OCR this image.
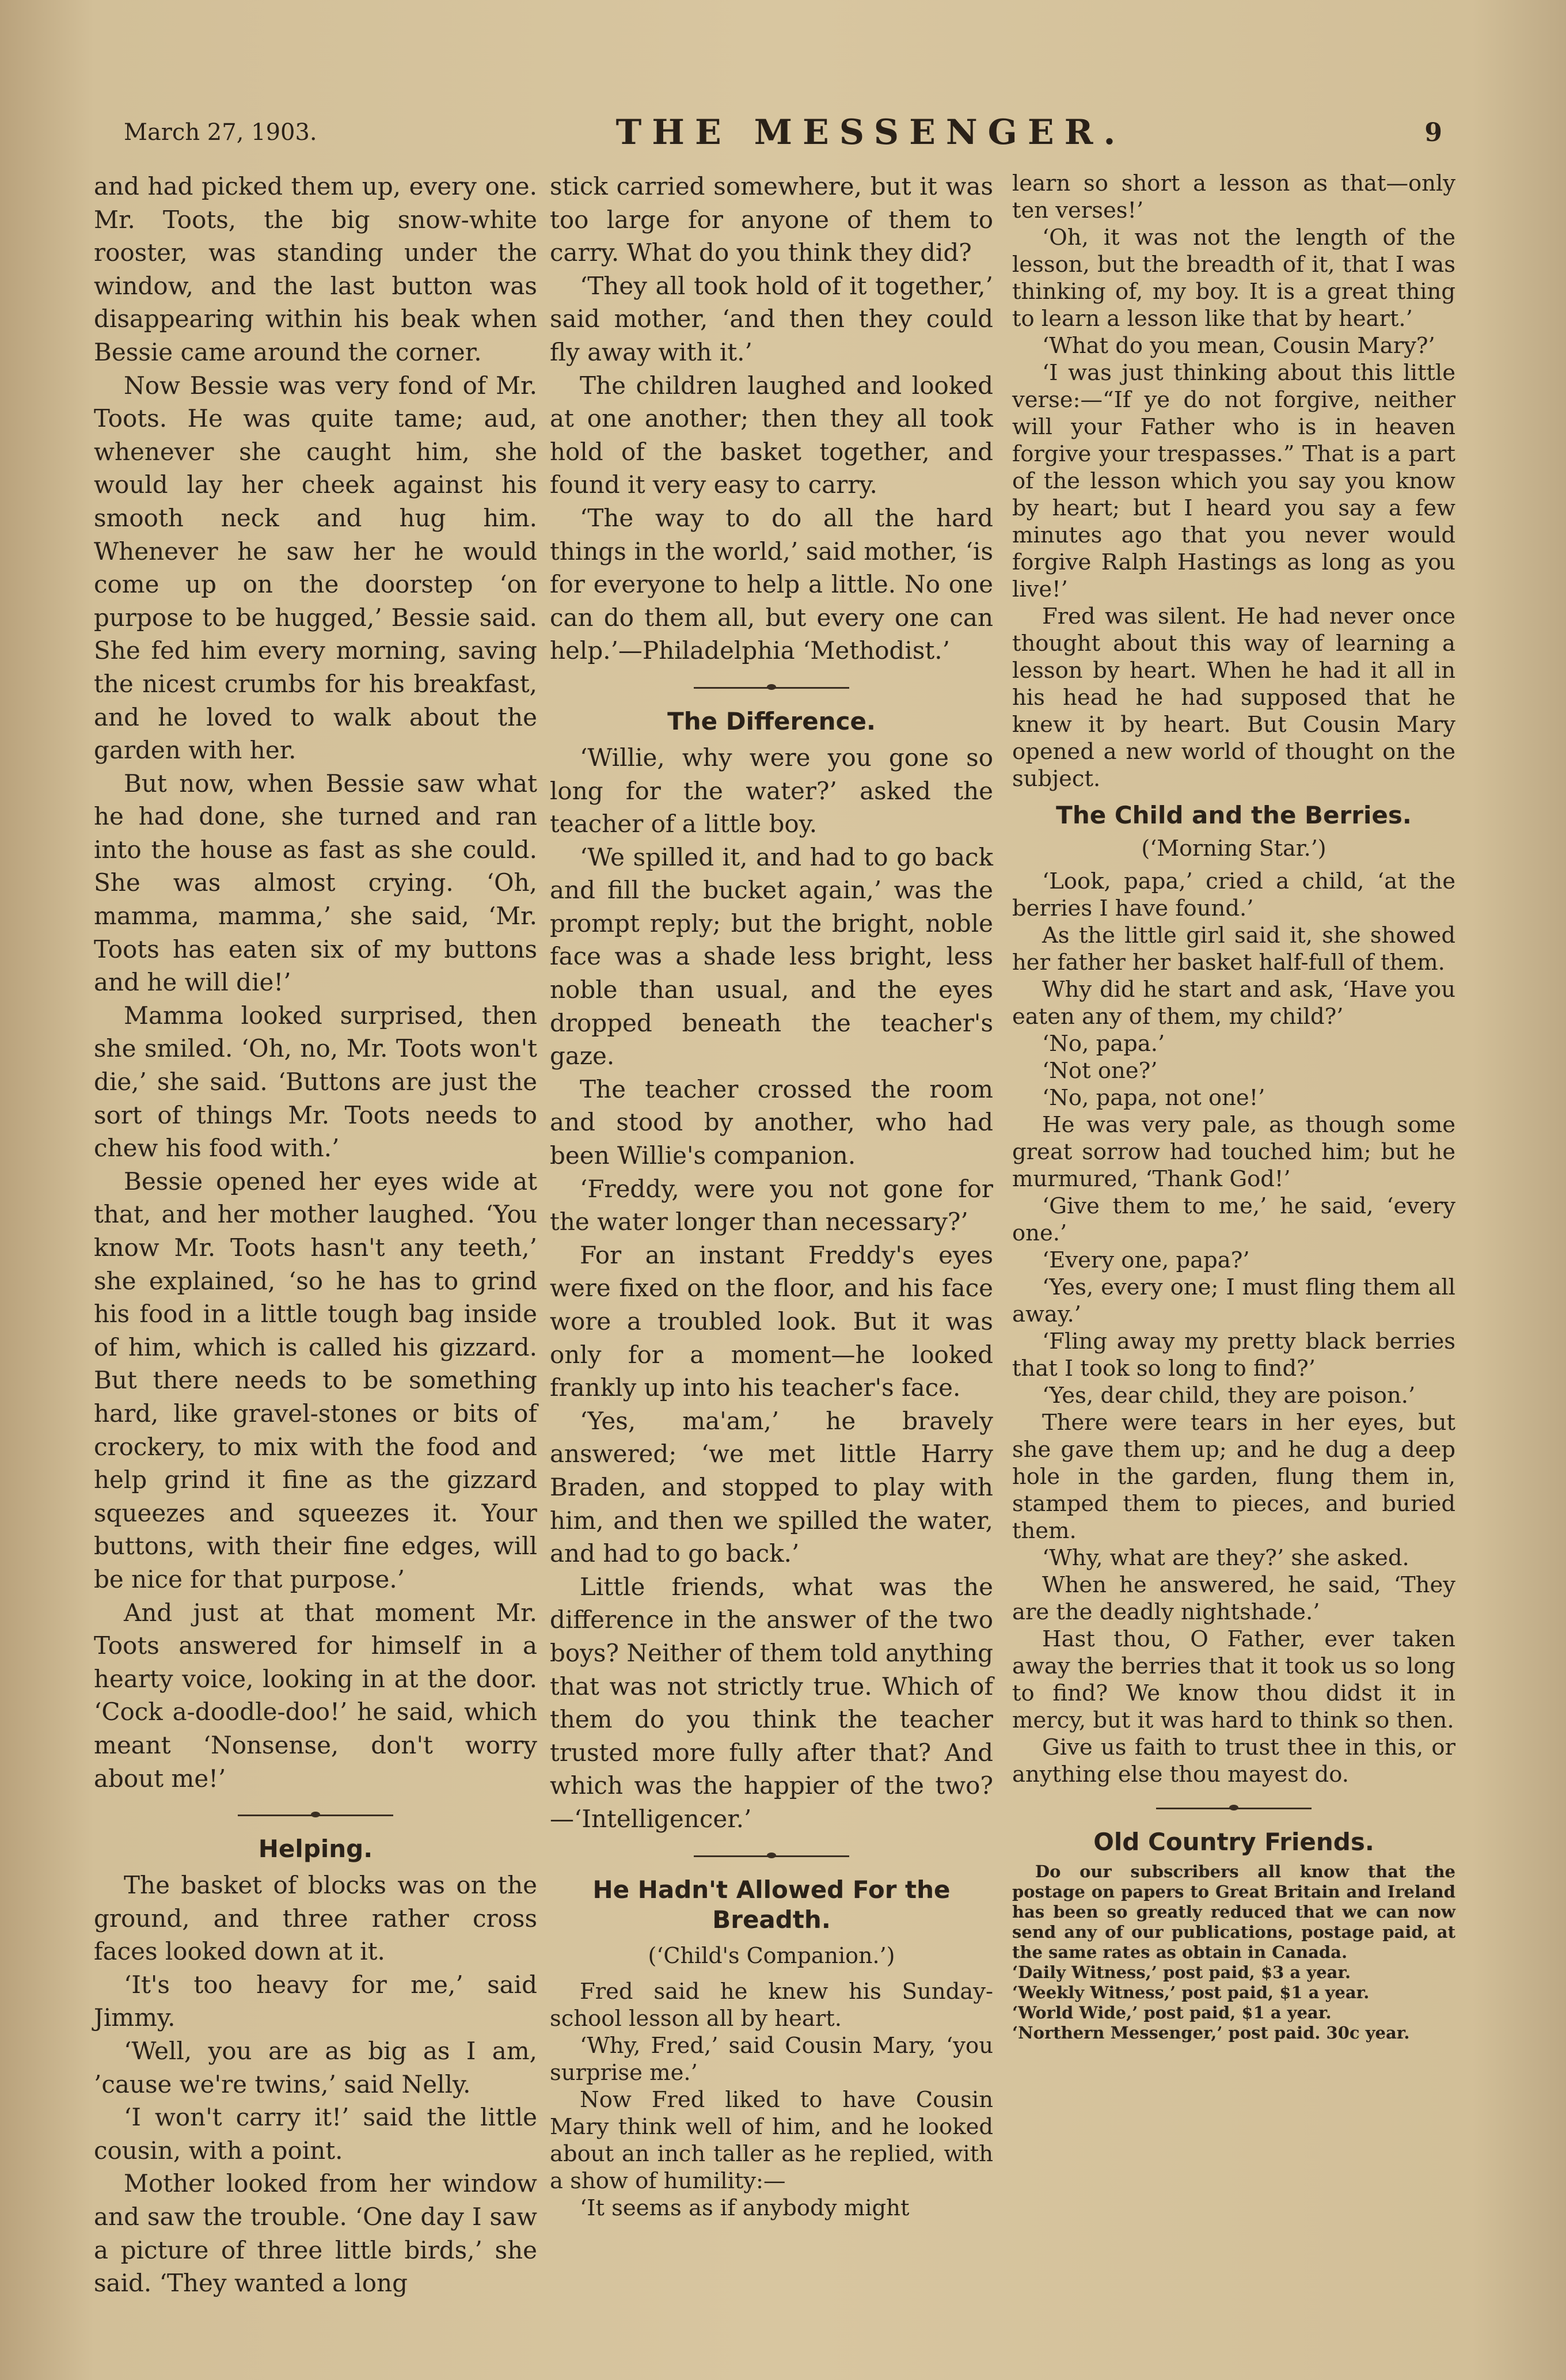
March 27, 1903.	THE MESSENGER.	9

and had picked them up, every one. Mr. Toots, the big snow-white rooster, was standing under the window, and the last button was disappearing within his beak when Bessie came around the corner.

Now Bessie was very fond of Mr. Toots. He was quite tame; aud, whenever she caught him, she would lay her cheek against his smooth neck and hug him. Whenever he saw her he would come up on the doorstep ‘on purpose to be hugged,’ Bessie said. She fed him every morning, saving the nicest crumbs for his breakfast, and he loved to walk about the garden with her.

But now, when Bessie saw what he had done, she turned and ran into the house as fast as she could. She was almost crying. ‘Oh, mamma, mamma,’ she said, ‘Mr. Toots has eaten six of my buttons and he will die!’

Mamma looked surprised, then she smiled. ‘Oh, no, Mr. Toots won't die,’ she said. ‘Buttons are just the sort of things Mr. Toots needs to chew his food with.’

Bessie opened her eyes wide at that, and her mother laughed. ‘You know Mr. Toots hasn't any teeth,’ she explained, ‘so he has to grind his food in a little tough bag inside of him, which is called his gizzard. But there needs to be something hard, like gravel-stones or bits of crockery, to mix with the food and help grind it fine as the gizzard squeezes and squeezes it. Your buttons, with their fine edges, will be nice for that purpose.’

And just at that moment Mr. Toots answered for himself in a hearty voice, looking in at the door. ‘Cock a-doodle-doo!’ he said, which meant ‘Nonsense, don't worry about me!’

Helping.

The basket of blocks was on the ground, and three rather cross faces looked down at it.

‘It's too heavy for me,’ said Jimmy.

‘Well, you are as big as I am, ’cause we're twins,’ said Nelly.

‘I won't carry it!’ said the little cousin, with a point.

Mother looked from her window and saw the trouble. ‘One day I saw a picture of three little birds,’ she said. ‘They wanted a long

stick carried somewhere, but it was too large for anyone of them to carry. What do you think they did?

‘They all took hold of it together,’ said mother, ‘and then they could fly away with it.’

The children laughed and looked at one another; then they all took hold of the basket together, and found it very easy to carry.

‘The way to do all the hard things in the world,’ said mother, ‘is for everyone to help a little. No one can do them all, but every one can help.’—Philadelphia ‘Methodist.’

The Difference.

‘Willie, why were you gone so long for the water?’ asked the teacher of a little boy.

‘We spilled it, and had to go back and fill the bucket again,’ was the prompt reply; but the bright, noble face was a shade less bright, less noble than usual, and the eyes dropped beneath the teacher's gaze.

The teacher crossed the room and stood by another, who had been Willie's companion.

‘Freddy, were you not gone for the water longer than necessary?’

For an instant Freddy's eyes were fixed on the floor, and his face wore a troubled look. But it was only for a moment—he looked frankly up into his teacher's face.

‘Yes, ma'am,’ he bravely answered; ‘we met little Harry Braden, and stopped to play with him, and then we spilled the water, and had to go back.’

Little friends, what was the difference in the answer of the two boys? Neither of them told anything that was not strictly true. Which of them do you think the teacher trusted more fully after that? And which was the happier of the two?—‘Intelligencer.’

He Hadn't Allowed For the Breadth.
(‘Child's Companion.’)

Fred said he knew his Sunday-school lesson all by heart.

‘Why, Fred,’ said Cousin Mary, ‘you surprise me.’

Now Fred liked to have Cousin Mary think well of him, and he looked about an inch taller as he replied, with a show of humility:—

‘It seems as if anybody might

learn so short a lesson as that—only ten verses!’

‘Oh, it was not the length of the lesson, but the breadth of it, that I was thinking of, my boy. It is a great thing to learn a lesson like that by heart.’

‘What do you mean, Cousin Mary?’

‘I was just thinking about this little verse:—“If ye do not forgive, neither will your Father who is in heaven forgive your trespasses.” That is a part of the lesson which you say you know by heart; but I heard you say a few minutes ago that you never would forgive Ralph Hastings as long as you live!’

Fred was silent. He had never once thought about this way of learning a lesson by heart. When he had it all in his head he had supposed that he knew it by heart. But Cousin Mary opened a new world of thought on the subject.

The Child and the Berries.
(‘Morning Star.’)

‘Look, papa,’ cried a child, ‘at the berries I have found.’

As the little girl said it, she showed her father her basket half-full of them.

Why did he start and ask, ‘Have you eaten any of them, my child?’

‘No, papa.’

‘Not one?’

‘No, papa, not one!’

He was very pale, as though some great sorrow had touched him; but he murmured, ‘Thank God!’

‘Give them to me,’ he said, ‘every one.’

‘Every one, papa?’

‘Yes, every one; I must fling them all away.’

‘Fling away my pretty black berries that I took so long to find?’

‘Yes, dear child, they are poison.’

There were tears in her eyes, but she gave them up; and he dug a deep hole in the garden, flung them in, stamped them to pieces, and buried them.

‘Why, what are they?’ she asked.

When he answered, he said, ‘They are the deadly nightshade.’

Hast thou, O Father, ever taken away the berries that it took us so long to find? We know thou didst it in mercy, but it was hard to think so then.

Give us faith to trust thee in this, or anything else thou mayest do.

Old Country Friends.

Do our subscribers all know that the postage on papers to Great Britain and Ireland has been so greatly reduced that we can now send any of our publications, postage paid, at the same rates as obtain in Canada.

‘Daily Witness,’ post paid, $3 a year.
‘Weekly Witness,’ post paid, $1 a year.
‘World Wide,’ post paid, $1 a year.
‘Northern Messenger,’ post paid. 30c year.
